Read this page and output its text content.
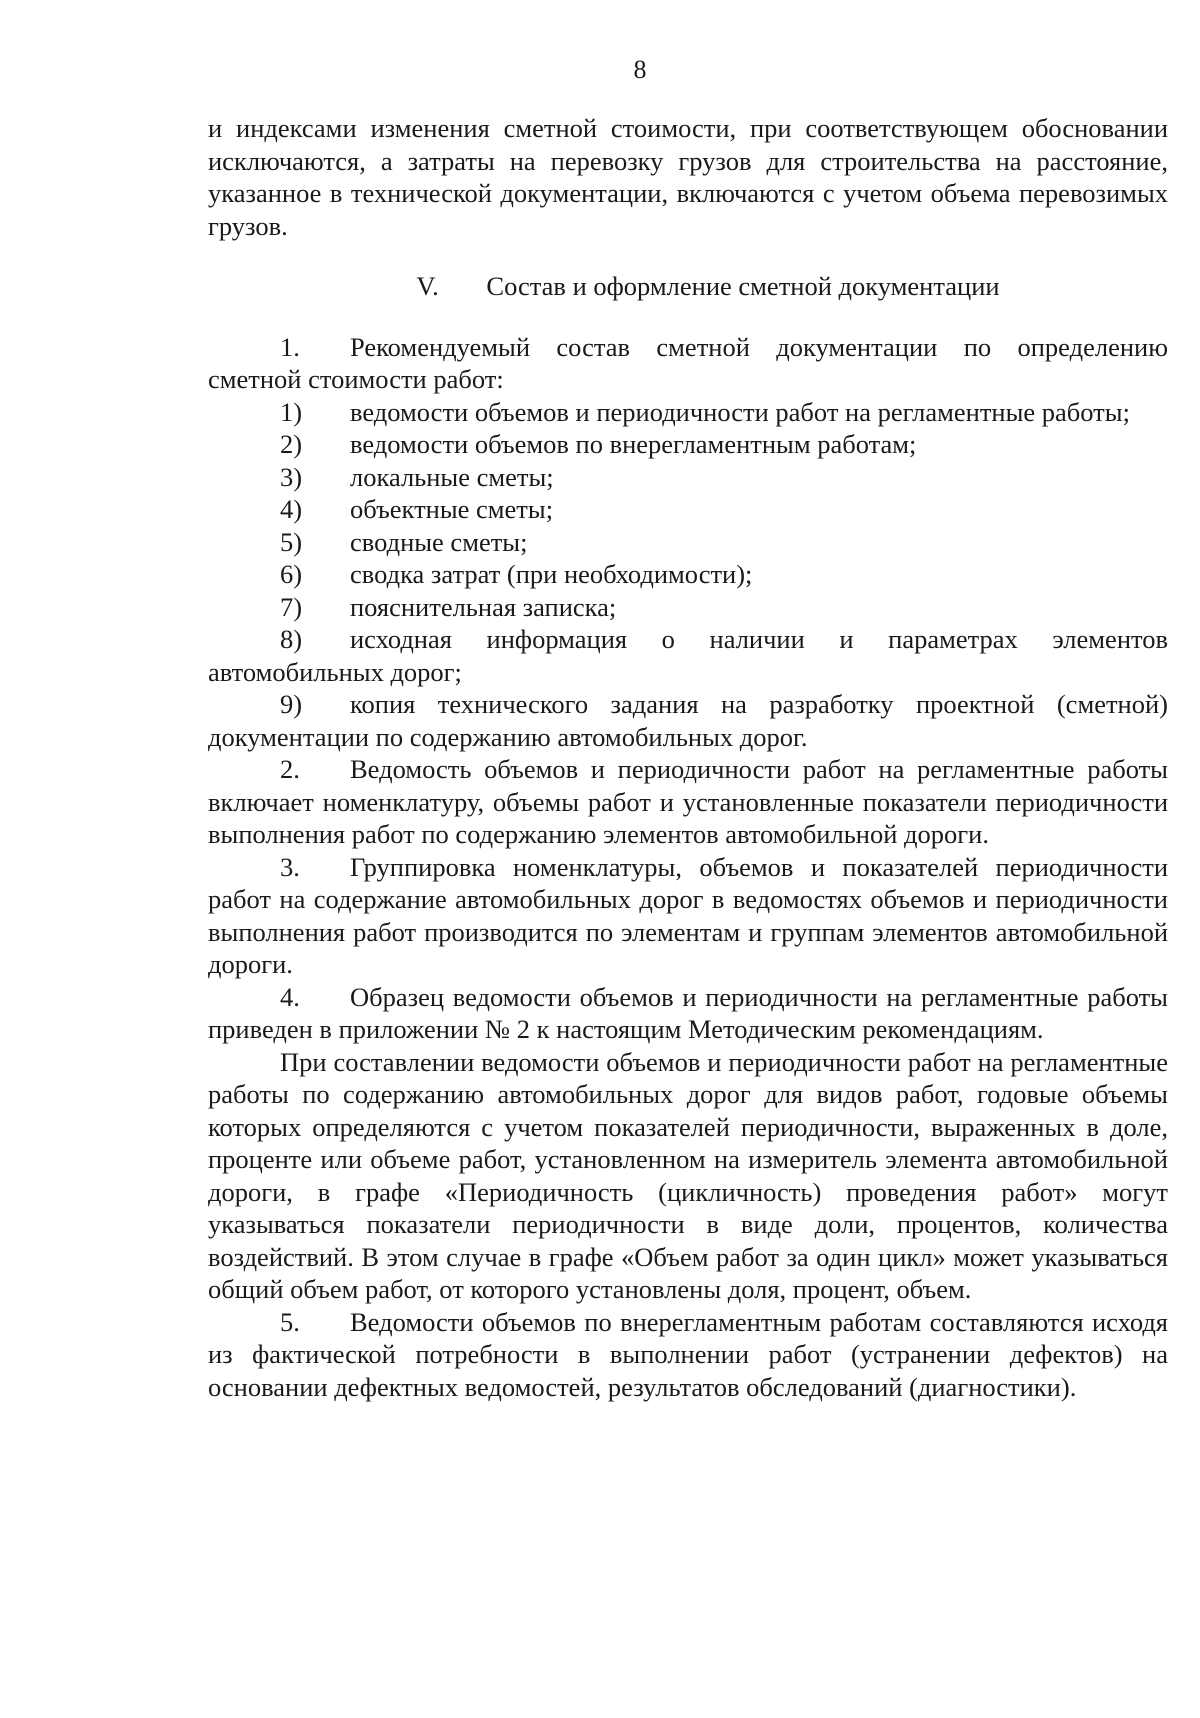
8

и индексами изменения сметной стоимости, при соответствующем обосновании исключаются, а затраты на перевозку грузов для строительства на расстояние, указанное в технической документации, включаются с учетом объема перевозимых грузов.

V. Состав и оформление сметной документации

1. Рекомендуемый состав сметной документации по определению сметной стоимости работ:

1) ведомости объемов и периодичности работ на регламентные работы;

2) ведомости объемов по внерегламентным работам;

3) локальные сметы;

4) объектные сметы;

5) сводные сметы;

6) сводка затрат (при необходимости);

7) пояснительная записка;

8) исходная информация о наличии и параметрах элементов автомобильных дорог;

9) копия технического задания на разработку проектной (сметной) документации по содержанию автомобильных дорог.

2. Ведомость объемов и периодичности работ на регламентные работы включает номенклатуру, объемы работ и установленные показатели периодичности выполнения работ по содержанию элементов автомобильной дороги.

3. Группировка номенклатуры, объемов и показателей периодичности работ на содержание автомобильных дорог в ведомостях объемов и периодичности выполнения работ производится по элементам и группам элементов автомобильной дороги.

4. Образец ведомости объемов и периодичности на регламентные работы приведен в приложении № 2 к настоящим Методическим рекомендациям.

При составлении ведомости объемов и периодичности работ на регламентные работы по содержанию автомобильных дорог для видов работ, годовые объемы которых определяются с учетом показателей периодичности, выраженных в доле, проценте или объеме работ, установленном на измеритель элемента автомобильной дороги, в графе «Периодичность (цикличность) проведения работ» могут указываться показатели периодичности в виде доли, процентов, количества воздействий. В этом случае в графе «Объем работ за один цикл» может указываться общий объем работ, от которого установлены доля, процент, объем.

5. Ведомости объемов по внерегламентным работам составляются исходя из фактической потребности в выполнении работ (устранении дефектов) на основании дефектных ведомостей, результатов обследований (диагностики).
